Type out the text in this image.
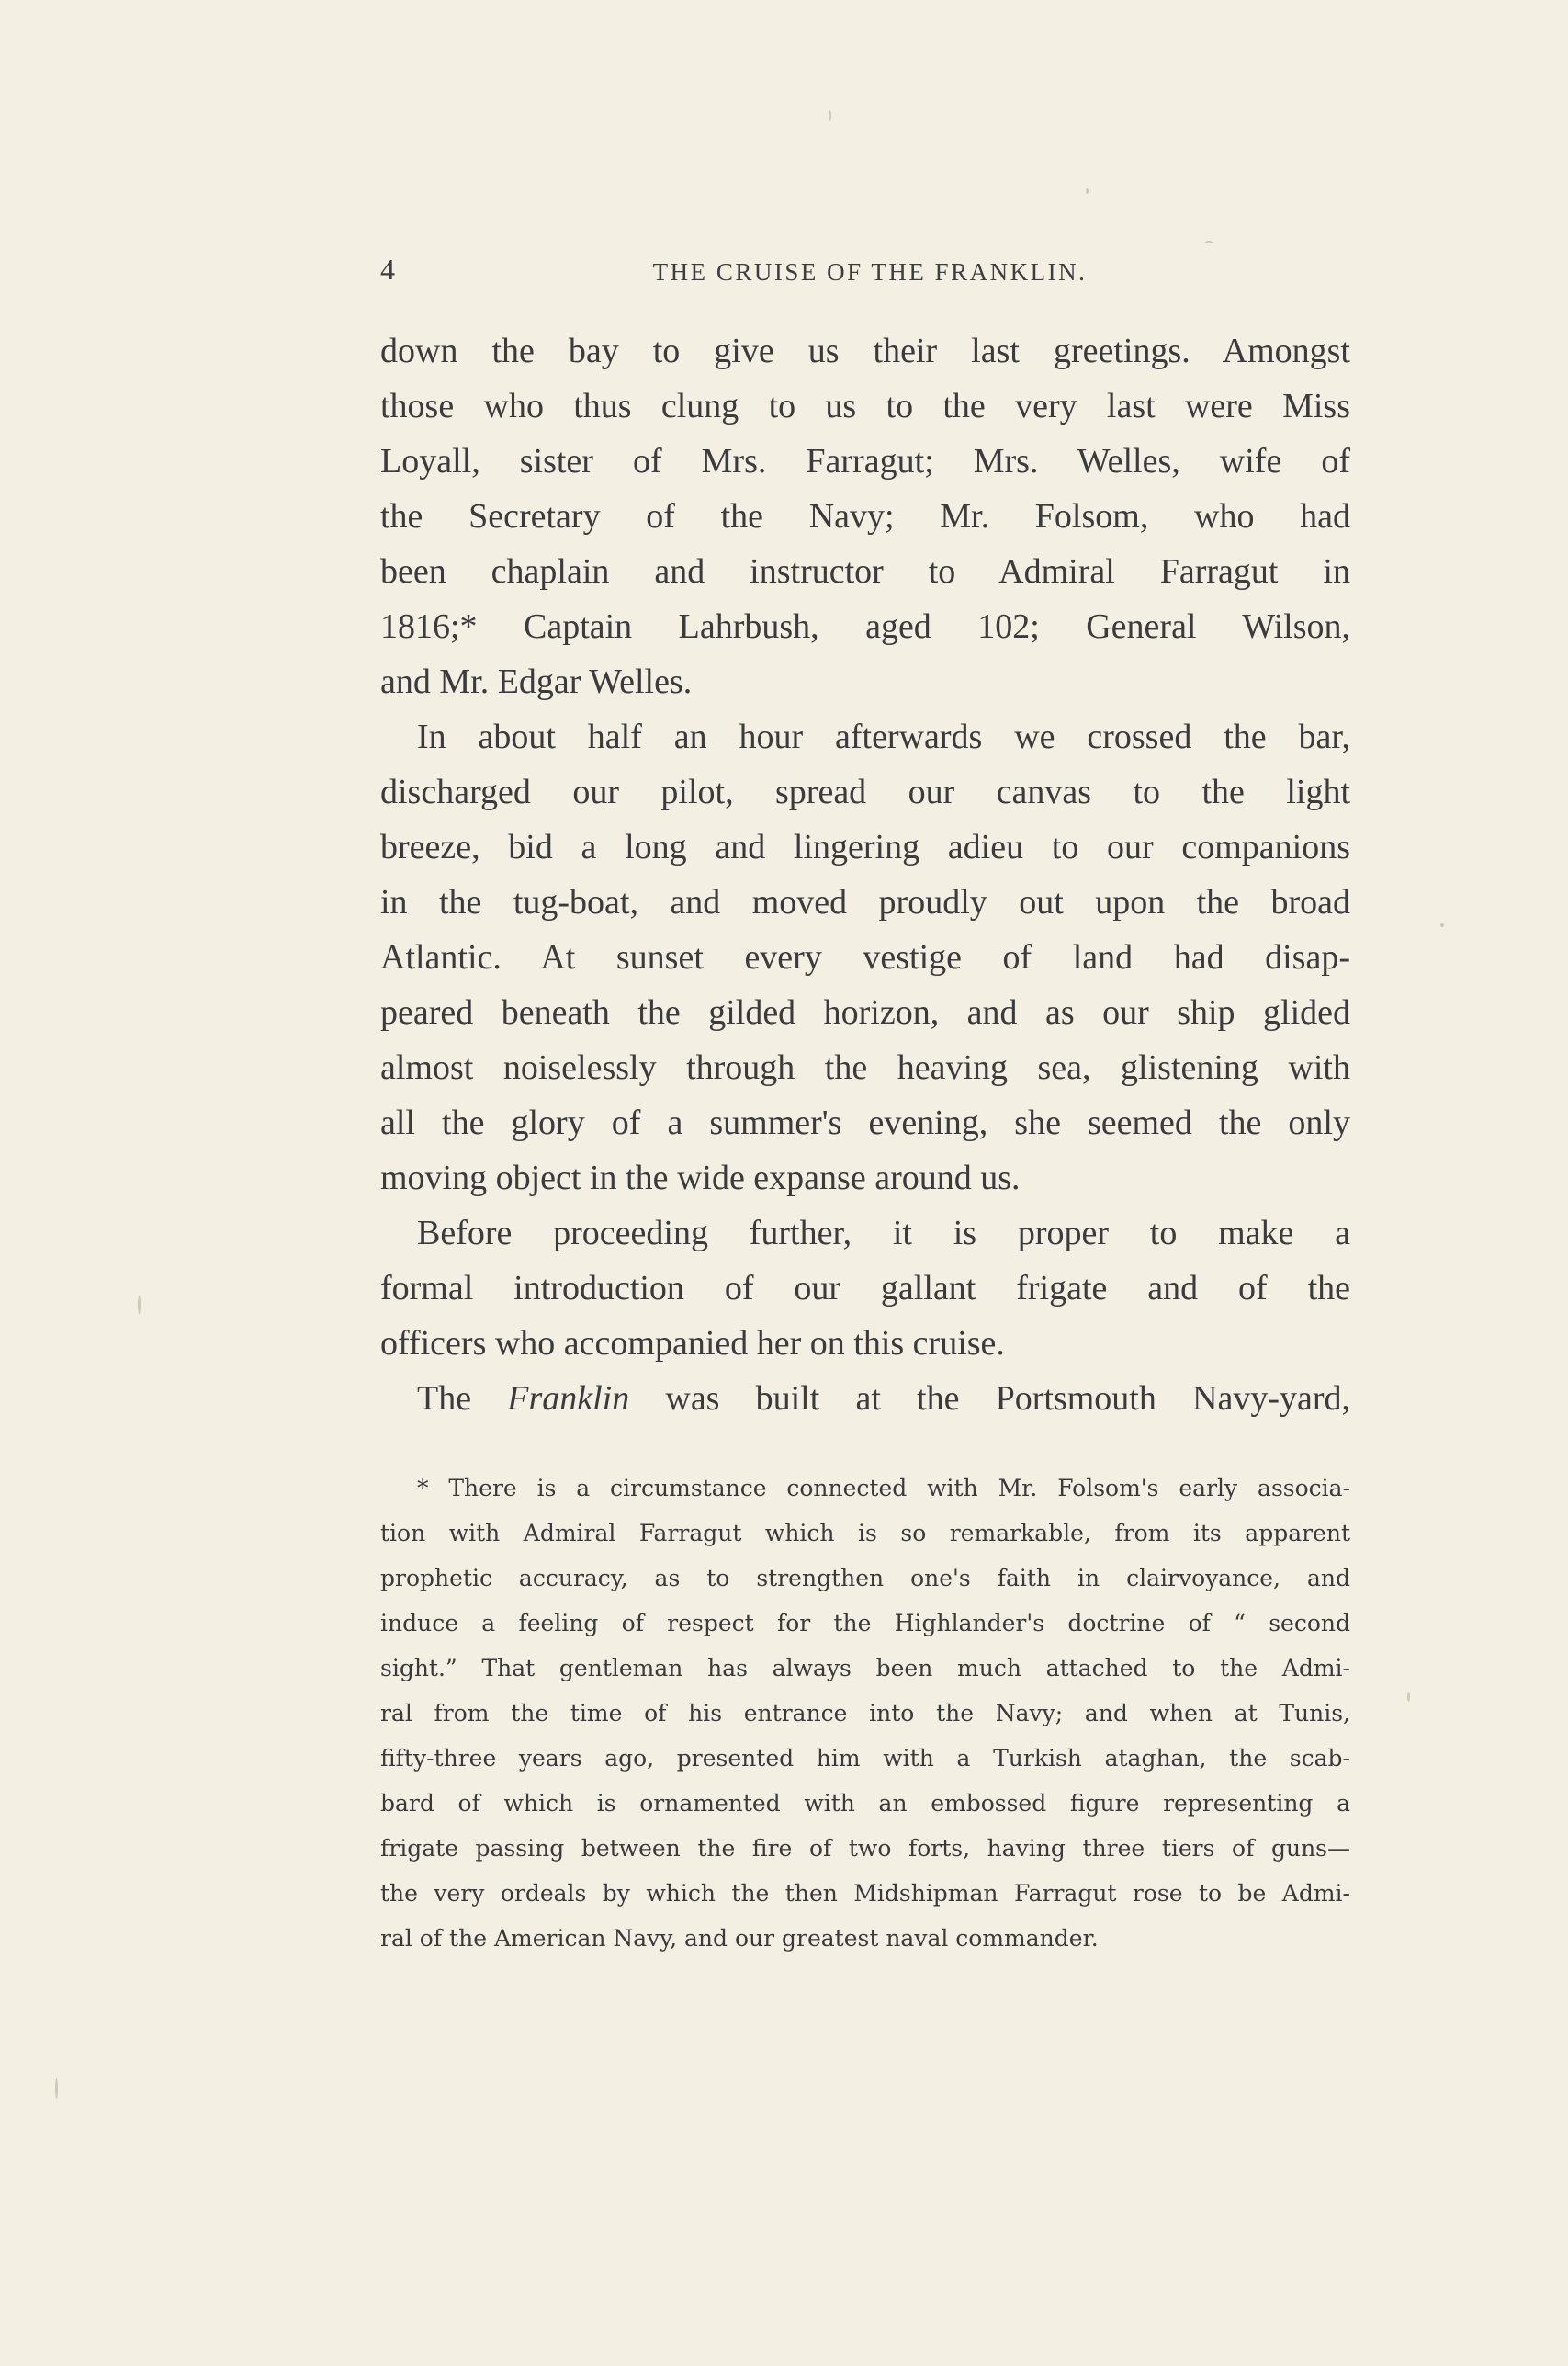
4	THE CRUISE OF THE FRANKLIN.
down the bay to give us their last greetings. Amongst
those who thus clung to us to the very last were Miss
Loyall, sister of Mrs. Farragut; Mrs. Welles, wife of
the Secretary of the Navy; Mr. Folsom, who had
been chaplain and instructor to Admiral Farragut in
1816;* Captain Lahrbush, aged 102; General Wilson,
and Mr. Edgar Welles.
In about half an hour afterwards we crossed the bar,
discharged our pilot, spread our canvas to the light
breeze, bid a long and lingering adieu to our companions
in the tug-boat, and moved proudly out upon the broad
Atlantic. At sunset every vestige of land had disap-
peared beneath the gilded horizon, and as our ship glided
almost noiselessly through the heaving sea, glistening with
all the glory of a summer's evening, she seemed the only
moving object in the wide expanse around us.
Before proceeding further, it is proper to make a
formal introduction of our gallant frigate and of the
officers who accompanied her on this cruise.
The Franklin was built at the Portsmouth Navy-yard,
* There is a circumstance connected with Mr. Folsom's early associa-
tion with Admiral Farragut which is so remarkable, from its apparent
prophetic accuracy, as to strengthen one's faith in clairvoyance, and
induce a feeling of respect for the Highlander's doctrine of “ second
sight.” That gentleman has always been much attached to the Admi-
ral from the time of his entrance into the Navy; and when at Tunis,
fifty-three years ago, presented him with a Turkish ataghan, the scab-
bard of which is ornamented with an embossed figure representing a
frigate passing between the fire of two forts, having three tiers of guns—
the very ordeals by which the then Midshipman Farragut rose to be Admi-
ral of the American Navy, and our greatest naval commander.
